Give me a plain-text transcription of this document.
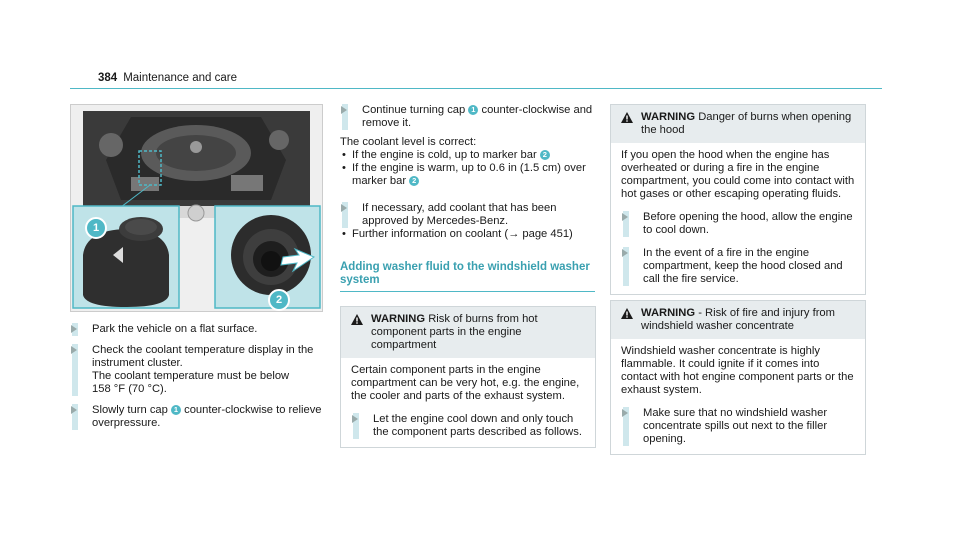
384 Maintenance and care
1
2
Park the vehicle on a flat surface.
Check the coolant temperature display in the instrument cluster.
The coolant temperature must be below
158 °F (70 °C).
Slowly turn cap 1 counter-clockwise to relieve overpressure.
Continue turning cap 1 counter-clockwise and remove it.

The coolant level is correct:

• If the engine is cold, up to marker bar 2
• If the engine is warm, up to 0.6 in (1.5 cm) over marker bar 2
If necessary, add coolant that has been approved by Mercedes-Benz.
• Further information on coolant (→ page 451)
Adding washer fluid to the windshield washer system
WARNING Risk of burns from hot component parts in the engine compartment
Certain component parts in the engine compartment can be very hot, e.g. the engine, the cooler and parts of the exhaust system.
Let the engine cool down and only touch the component parts described as follows.
WARNING Danger of burns when opening the hood
If you open the hood when the engine has overheated or during a fire in the engine compartment, you could come into contact with hot gases or other escaping operating fluids.
Before opening the hood, allow the engine to cool down.
In the event of a fire in the engine compartment, keep the hood closed and call the fire service.
WARNING - Risk of fire and injury from windshield washer concentrate
Windshield washer concentrate is highly flammable. It could ignite if it comes into contact with hot engine component parts or the exhaust system.
Make sure that no windshield washer concentrate spills out next to the filler opening.
